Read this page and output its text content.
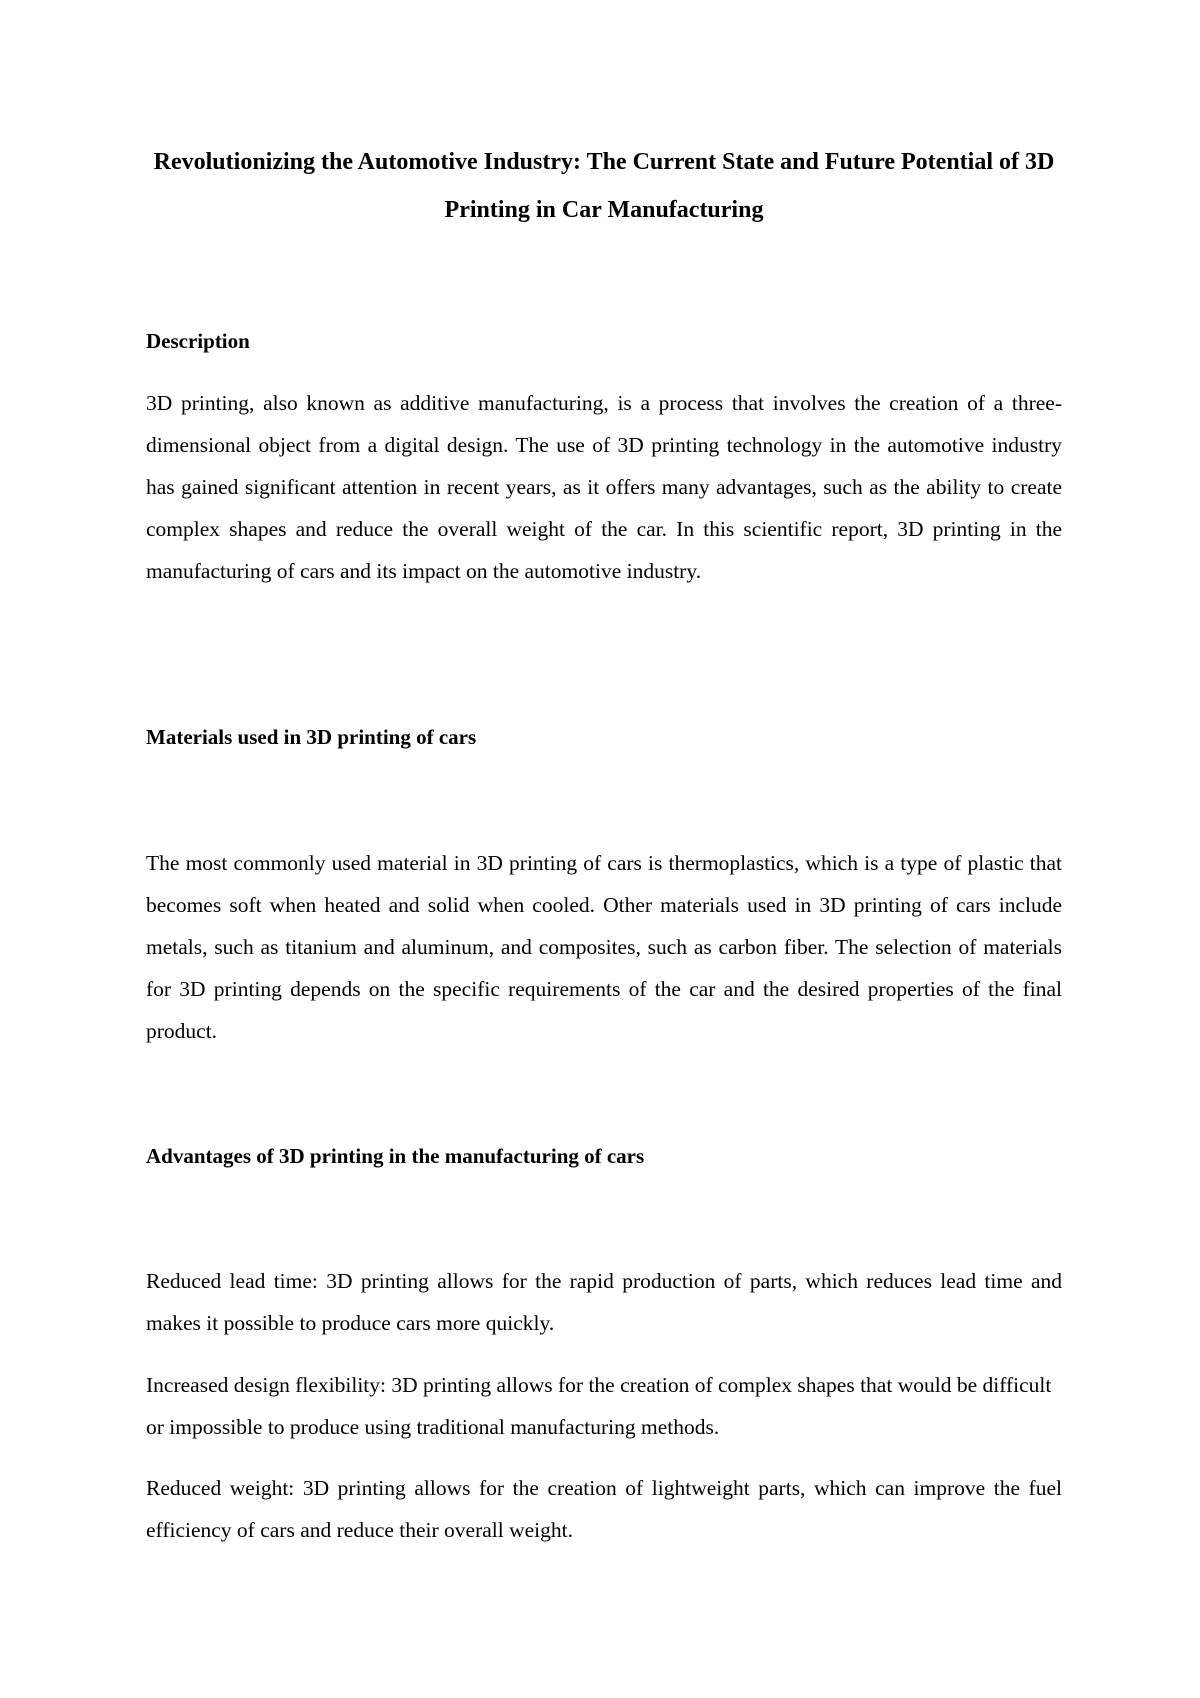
Revolutionizing the Automotive Industry: The Current State and Future Potential of 3D Printing in Car Manufacturing
Description

3D printing, also known as additive manufacturing, is a process that involves the creation of a three-dimensional object from a digital design. The use of 3D printing technology in the automotive industry has gained significant attention in recent years, as it offers many advantages, such as the ability to create complex shapes and reduce the overall weight of the car. In this scientific report, 3D printing in the manufacturing of cars and its impact on the automotive industry.

Materials used in 3D printing of cars

The most commonly used material in 3D printing of cars is thermoplastics, which is a type of plastic that becomes soft when heated and solid when cooled. Other materials used in 3D printing of cars include metals, such as titanium and aluminum, and composites, such as carbon fiber. The selection of materials for 3D printing depends on the specific requirements of the car and the desired properties of the final product.

Advantages of 3D printing in the manufacturing of cars

Reduced lead time: 3D printing allows for the rapid production of parts, which reduces lead time and makes it possible to produce cars more quickly.

Increased design flexibility: 3D printing allows for the creation of complex shapes that would be difficult or impossible to produce using traditional manufacturing methods.

Reduced weight: 3D printing allows for the creation of lightweight parts, which can improve the fuel efficiency of cars and reduce their overall weight.
